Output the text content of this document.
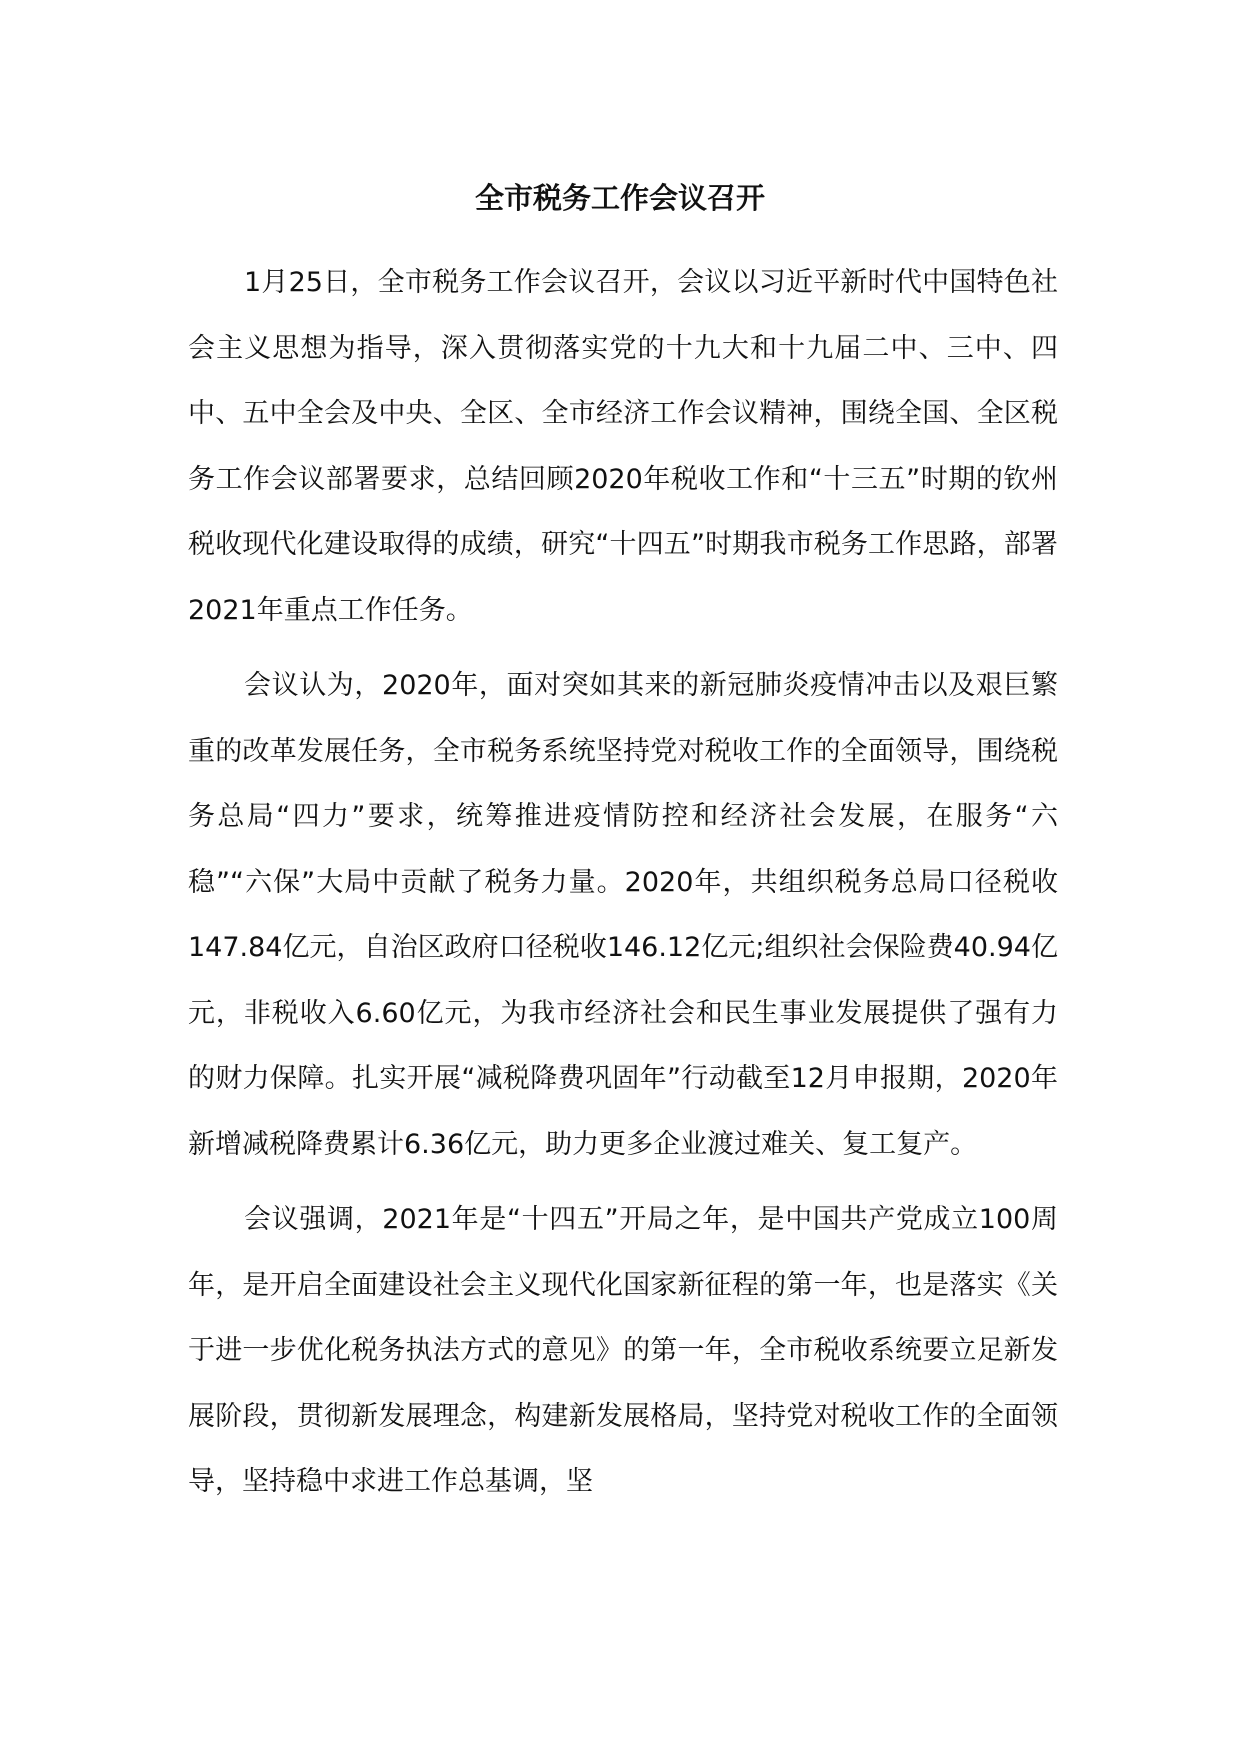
全市税务工作会议召开

1月25日，全市税务工作会议召开，会议以习近平新时代中国特色社会主义思想为指导，深入贯彻落实党的十九大和十九届二中、三中、四中、五中全会及中央、全区、全市经济工作会议精神，围绕全国、全区税务工作会议部署要求，总结回顾2020年税收工作和“十三五”时期的钦州税收现代化建设取得的成绩，研究“十四五”时期我市税务工作思路，部署2021年重点工作任务。

会议认为，2020年，面对突如其来的新冠肺炎疫情冲击以及艰巨繁重的改革发展任务，全市税务系统坚持党对税收工作的全面领导，围绕税务总局“四力”要求，统筹推进疫情防控和经济社会发展，在服务“六稳”“六保”大局中贡献了税务力量。2020年，共组织税务总局口径税收147.84亿元，自治区政府口径税收146.12亿元;组织社会保险费40.94亿元，非税收入6.60亿元，为我市经济社会和民生事业发展提供了强有力的财力保障。扎实开展“减税降费巩固年”行动截至12月申报期，2020年新增减税降费累计6.36亿元，助力更多企业渡过难关、复工复产。

会议强调，2021年是“十四五”开局之年，是中国共产党成立100周年，是开启全面建设社会主义现代化国家新征程的第一年，也是落实《关于进一步优化税务执法方式的意见》的第一年，全市税收系统要立足新发展阶段，贯彻新发展理念，构建新发展格局，坚持党对税收工作的全面领导，坚持稳中求进工作总基调，坚
